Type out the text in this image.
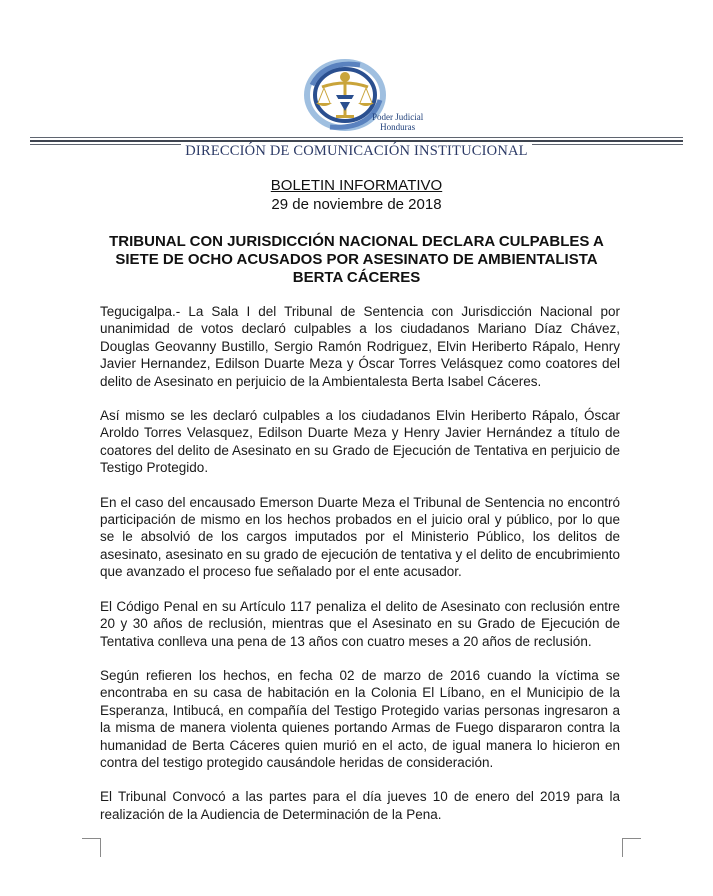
Poder Judicial
Honduras
DIRECCIÓN DE COMUNICACIÓN INSTITUCIONAL
BOLETIN INFORMATIVO
29 de noviembre de 2018
TRIBUNAL CON JURISDICCIÓN NACIONAL DECLARA CULPABLES A
SIETE DE OCHO ACUSADOS POR ASESINATO DE AMBIENTALISTA
BERTA CÁCERES

Tegucigalpa.- La Sala I del Tribunal de Sentencia con Jurisdicción Nacional por unanimidad de votos declaró culpables a los ciudadanos Mariano Díaz Chávez, Douglas Geovanny Bustillo, Sergio Ramón Rodriguez, Elvin Heriberto Rápalo, Henry Javier Hernandez, Edilson Duarte Meza y Óscar Torres Velásquez como coatores del delito de Asesinato en perjuicio de la Ambientalesta Berta Isabel Cáceres.

Así mismo se les declaró culpables a los ciudadanos Elvin Heriberto Rápalo, Óscar Aroldo Torres Velasquez, Edilson Duarte Meza y Henry Javier Hernández a título de coatores del delito de Asesinato en su Grado de Ejecución de Tentativa en perjuicio de Testigo Protegido.

En el caso del encausado Emerson Duarte Meza el Tribunal de Sentencia no encontró participación de mismo en los hechos probados en el juicio oral y público, por lo que se le absolvió de los cargos imputados por el Ministerio Público, los delitos de asesinato, asesinato en su grado de ejecución de tentativa y el delito de encubrimiento que avanzado el proceso fue señalado por el ente acusador.

El Código Penal en su Artículo 117 penaliza el delito de Asesinato con reclusión entre 20 y 30 años de reclusión, mientras que el Asesinato en su Grado de Ejecución de Tentativa conlleva una pena de 13 años con cuatro meses a 20 años de reclusión.

Según refieren los hechos, en fecha 02 de marzo de 2016 cuando la víctima se encontraba en su casa de habitación en la Colonia El Líbano, en el Municipio de la Esperanza, Intibucá, en compañía del Testigo Protegido varias personas ingresaron a la misma de manera violenta quienes portando Armas de Fuego dispararon contra la humanidad de Berta Cáceres quien murió en el acto, de igual manera lo hicieron en contra del testigo protegido causándole heridas de consideración.

El Tribunal Convocó a las partes para el día jueves 10 de enero del 2019 para la realización de la Audiencia de Determinación de la Pena.
